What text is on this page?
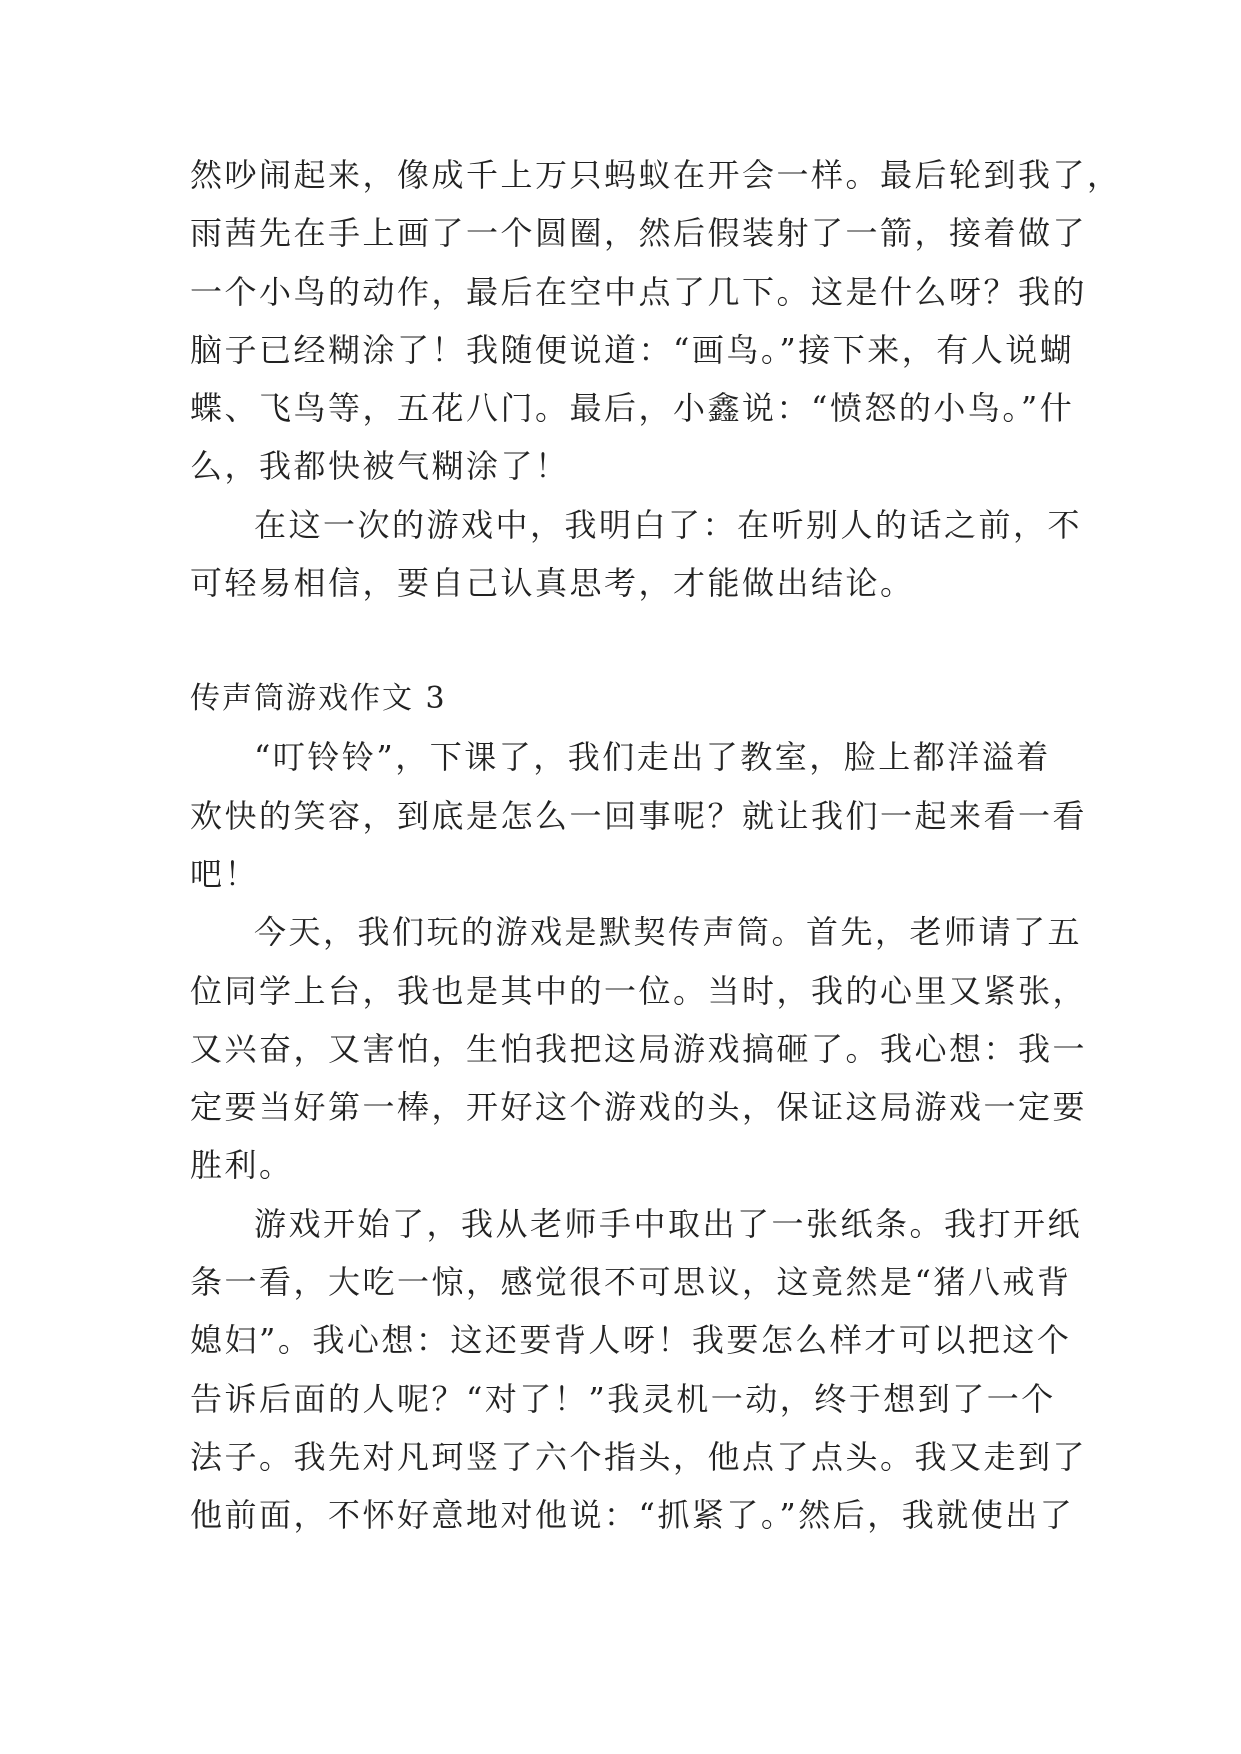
然吵闹起来，像成千上万只蚂蚁在开会一样。最后轮到我了，
雨茜先在手上画了一个圆圈，然后假装射了一箭，接着做了
一个小鸟的动作，最后在空中点了几下。这是什么呀？我的
脑子已经糊涂了！我随便说道：“画鸟。”接下来，有人说蝴
蝶、飞鸟等，五花八门。最后，小鑫说：“愤怒的小鸟。”什
么，我都快被气糊涂了！
在这一次的游戏中，我明白了：在听别人的话之前，不
可轻易相信，要自己认真思考，才能做出结论。
传声筒游戏作文 3
“叮铃铃”，下课了，我们走出了教室，脸上都洋溢着
欢快的笑容，到底是怎么一回事呢？就让我们一起来看一看
吧！
今天，我们玩的游戏是默契传声筒。首先，老师请了五
位同学上台，我也是其中的一位。当时，我的心里又紧张，
又兴奋，又害怕，生怕我把这局游戏搞砸了。我心想：我一
定要当好第一棒，开好这个游戏的头，保证这局游戏一定要
胜利。
游戏开始了，我从老师手中取出了一张纸条。我打开纸
条一看，大吃一惊，感觉很不可思议，这竟然是“猪八戒背
媳妇”。我心想：这还要背人呀！我要怎么样才可以把这个
告诉后面的人呢？“对了！”我灵机一动，终于想到了一个
法子。我先对凡珂竖了六个指头，他点了点头。我又走到了
他前面，不怀好意地对他说：“抓紧了。”然后，我就使出了
